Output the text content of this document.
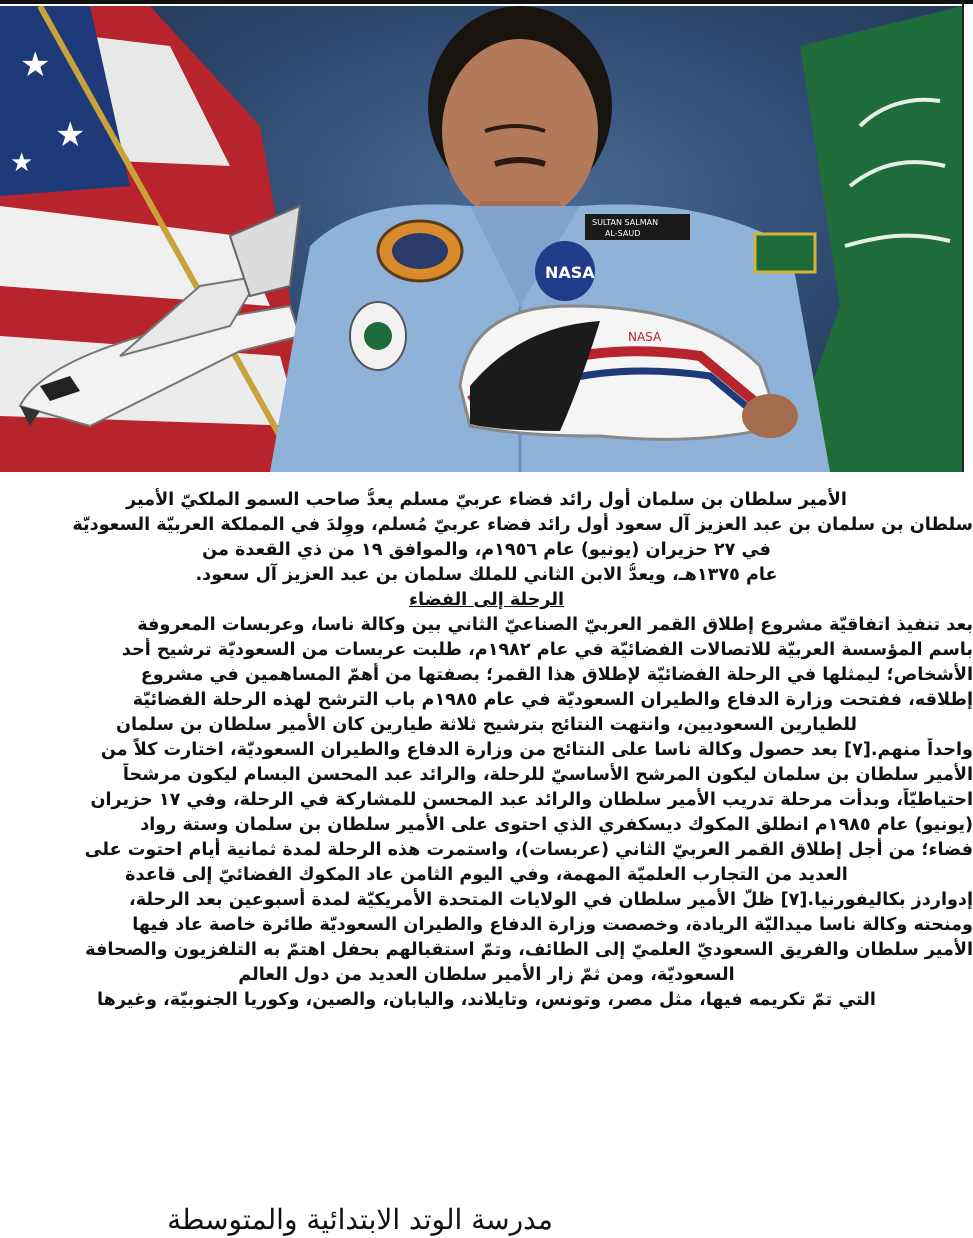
★
★
★
NASA
SULTAN SALMAN
AL-SAUD
NASA
الأمير سلطان بن سلمان أول رائد فضاء عربيّ مسلم يعدُّ صاحب السمو الملكيّ الأمير
سلطان بن سلمان بن عبد العزيز آل سعود أول رائد فضاء عربيّ مُسلم، ووِلدَ في المملكة العربيّة السعوديّة
في ٢٧ حزيران (يونيو) عام ١٩٥٦م، والموافق ١٩ من ذي القعدة من
عام ١٣٧٥هـ، ويعدُّ الابن الثاني للملك سلمان بن عبد العزيز آل سعود.
الرحلة إلى الفضاء
بعد تنفيذ اتفاقيّة مشروع إطلاق القمر العربيّ الصناعيّ الثاني بين وكالة ناسا، وعربسات المعروفة
باسم المؤسسة العربيّة للاتصالات الفضائيّة في عام ١٩٨٢م، طلبت عربسات من السعوديّة ترشيح أحد
الأشخاص؛ ليمثلها في الرحلة الفضائيّة لإطلاق هذا القمر؛ بصفتها من أهمّ المساهمين في مشروع
إطلاقه، ففتحت وزارة الدفاع والطيران السعوديّة في عام ١٩٨٥م باب الترشح لهذه الرحلة الفضائيّة
للطيارين السعوديين، وانتهت النتائج بترشيح ثلاثة طيارين كان الأمير سلطان بن سلمان
واحداً منهم.[٧] بعد حصول وكالة ناسا على النتائج من وزارة الدفاع والطيران السعوديّة، اختارت كلاً من
الأمير سلطان بن سلمان ليكون المرشح الأساسيّ للرحلة، والرائد عبد المحسن البسام ليكون مرشحاً
احتياطيّاً، وبدأت مرحلة تدريب الأمير سلطان والرائد عبد المحسن للمشاركة في الرحلة، وفي ١٧ حزيران
(يونيو) عام ١٩٨٥م انطلق المكوك ديسكفري الذي احتوى على الأمير سلطان بن سلمان وستة رواد
فضاء؛ من أجل إطلاق القمر العربيّ الثاني (عربسات)، واستمرت هذه الرحلة لمدة ثمانية أيام احتوت على
العديد من التجارب العلميّة المهمة، وفي اليوم الثامن عاد المكوك الفضائيّ إلى قاعدة
إدواردز بكاليفورنيا.[٧] ظلّ الأمير سلطان في الولايات المتحدة الأمريكيّة لمدة أسبوعين بعد الرحلة،
ومنحته وكالة ناسا ميداليّة الريادة، وخصصت وزارة الدفاع والطيران السعوديّة طائرة خاصة عاد فيها
الأمير سلطان والفريق السعوديّ العلميّ إلى الطائف، وتمّ استقبالهم بحفل اهتمّ به التلفزيون والصحافة
السعوديّة، ومن ثمّ زار الأمير سلطان العديد من دول العالم
التي تمّ تكريمه فيها، مثل مصر، وتونس، وتايلاند، واليابان، والصين، وكوريا الجنوبيّة، وغيرها
مدرسة الوتد الابتدائية والمتوسطة
